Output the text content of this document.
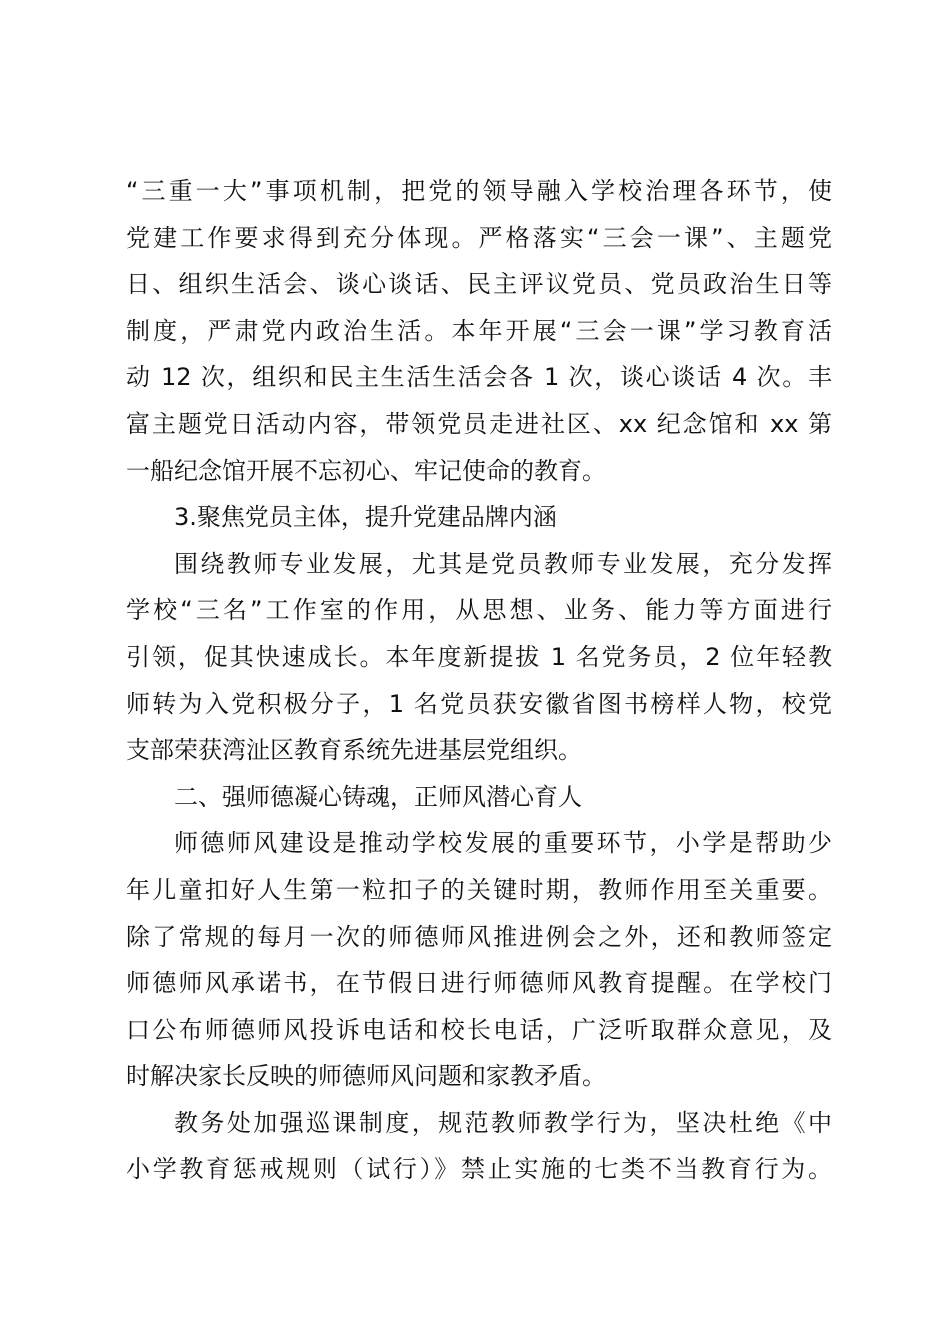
“三重一大”事项机制，把党的领导融入学校治理各环节，使
党建工作要求得到充分体现。严格落实“三会一课”、主题党
日、组织生活会、谈心谈话、民主评议党员、党员政治生日等
制度，严肃党内政治生活。本年开展“三会一课”学习教育活
动 12 次，组织和民主生活生活会各 1 次，谈心谈话 4 次。丰
富主题党日活动内容，带领党员走进社区、xx 纪念馆和 xx 第
一船纪念馆开展不忘初心、牢记使命的教育。
3.聚焦党员主体，提升党建品牌内涵
围绕教师专业发展，尤其是党员教师专业发展，充分发挥
学校“三名”工作室的作用，从思想、业务、能力等方面进行
引领，促其快速成长。本年度新提拔 1 名党务员，2 位年轻教
师转为入党积极分子，1 名党员获安徽省图书榜样人物，校党
支部荣获湾沚区教育系统先进基层党组织。
二、强师德凝心铸魂，正师风潜心育人
师德师风建设是推动学校发展的重要环节，小学是帮助少
年儿童扣好人生第一粒扣子的关键时期，教师作用至关重要。
除了常规的每月一次的师德师风推进例会之外，还和教师签定
师德师风承诺书，在节假日进行师德师风教育提醒。在学校门
口公布师德师风投诉电话和校长电话，广泛听取群众意见，及
时解决家长反映的师德师风问题和家教矛盾。
教务处加强巡课制度，规范教师教学行为，坚决杜绝《中
小学教育惩戒规则（试行）》禁止实施的七类不当教育行为。
